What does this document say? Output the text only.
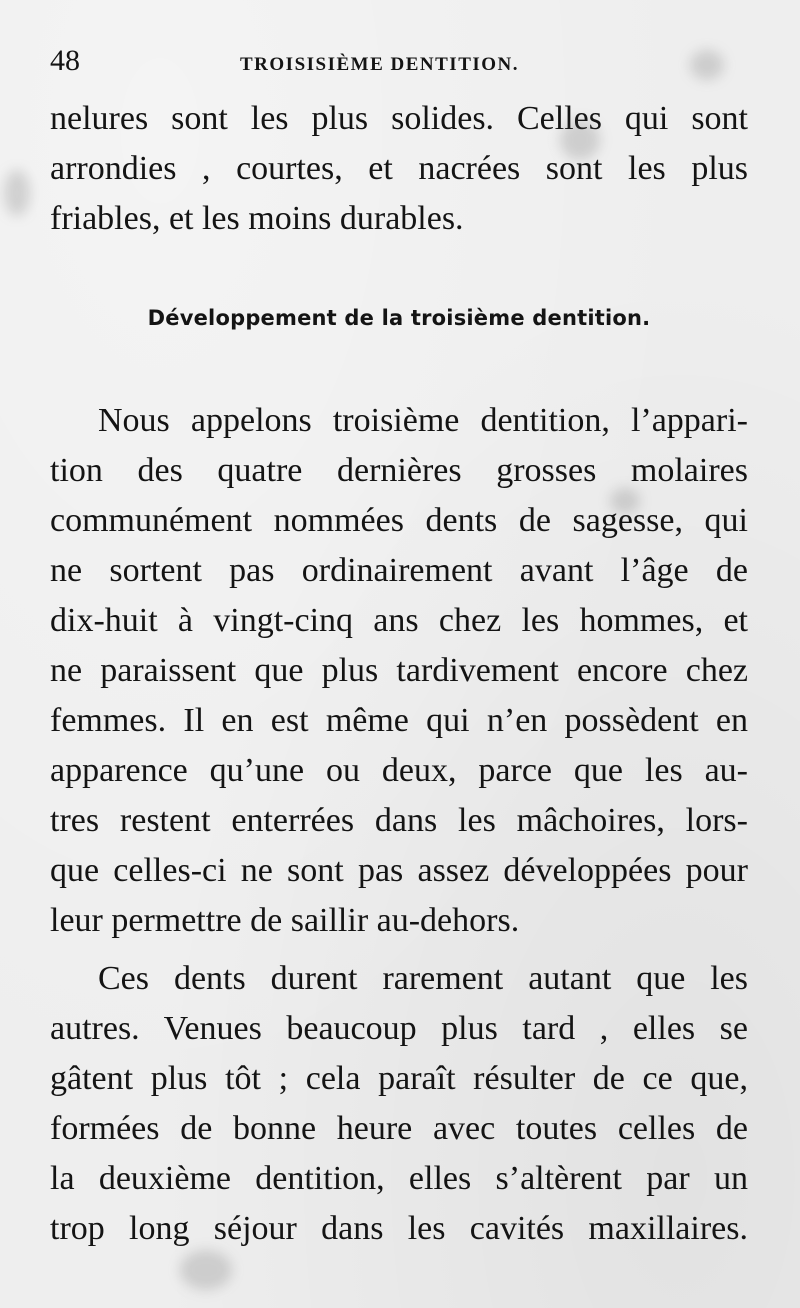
48	TROISISIÈME DENTITION.
nelures sont les plus solides. Celles qui sont
arrondies , courtes, et nacrées sont les plus
friables, et les moins durables.
Développement de la troisième dentition.
Nous appelons troisième dentition, l’appari-
tion des quatre dernières grosses molaires
communément nommées dents de sagesse, qui
ne sortent pas ordinairement avant l’âge de
dix-huit à vingt-cinq ans chez les hommes, et
ne paraissent que plus tardivement encore chez
femmes. Il en est même qui n’en possèdent en
apparence qu’une ou deux, parce que les au-
tres restent enterrées dans les mâchoires, lors-
que celles-ci ne sont pas assez développées pour
leur permettre de saillir au-dehors.
Ces dents durent rarement autant que les
autres. Venues beaucoup plus tard , elles se
gâtent plus tôt ; cela paraît résulter de ce que,
formées de bonne heure avec toutes celles de
la deuxième dentition, elles s’altèrent par un
trop long séjour dans les cavités maxillaires.
